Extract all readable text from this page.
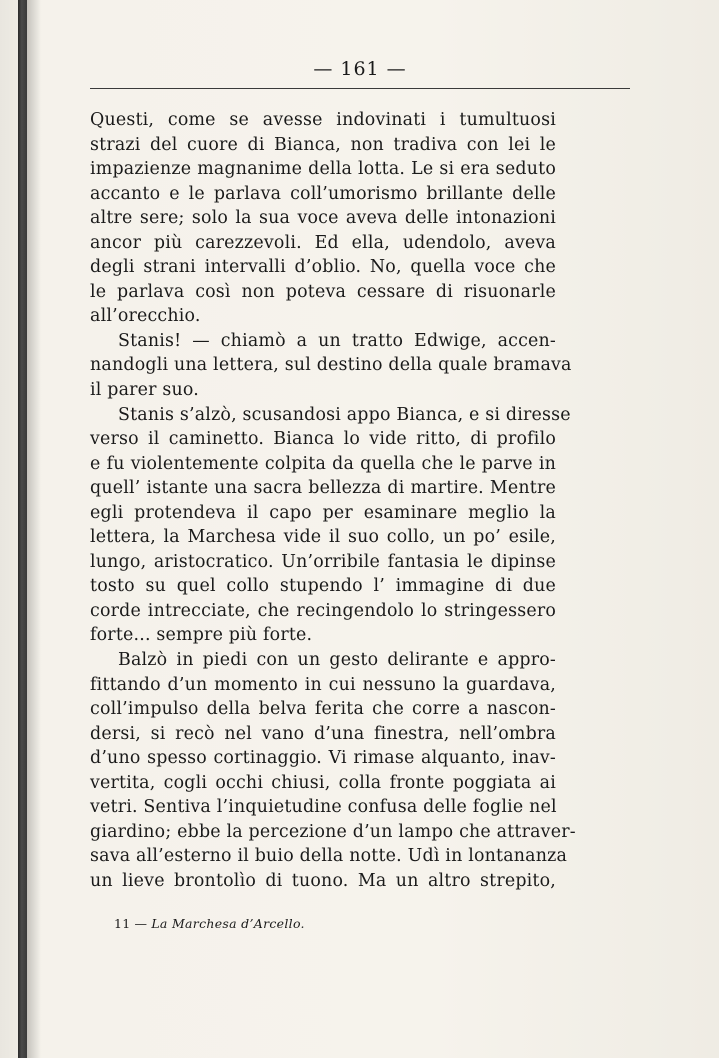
— 161 —
Questi, come se avesse indovinati i tumultuosi
strazi del cuore di Bianca, non tradiva con lei le
impazienze magnanime della lotta. Le si era seduto
accanto e le parlava coll’umorismo brillante delle
altre sere; solo la sua voce aveva delle intonazioni
ancor più carezzevoli. Ed ella, udendolo, aveva
degli strani intervalli d’oblio. No, quella voce che
le parlava così non poteva cessare di risuonarle
all’orecchio.
Stanis! — chiamò a un tratto Edwige, accen-
nandogli una lettera, sul destino della quale bramava
il parer suo.
Stanis s’alzò, scusandosi appo Bianca, e si diresse
verso il caminetto. Bianca lo vide ritto, di profilo
e fu violentemente colpita da quella che le parve in
quell’ istante una sacra bellezza di martire. Mentre
egli protendeva il capo per esaminare meglio la
lettera, la Marchesa vide il suo collo, un po’ esile,
lungo, aristocratico. Un’orribile fantasia le dipinse
tosto su quel collo stupendo l’ immagine di due
corde intrecciate, che recingendolo lo stringessero
forte... sempre più forte.
Balzò in piedi con un gesto delirante e appro-
fittando d’un momento in cui nessuno la guardava,
coll’impulso della belva ferita che corre a nascon-
dersi, si recò nel vano d’una finestra, nell’ombra
d’uno spesso cortinaggio. Vi rimase alquanto, inav-
vertita, cogli occhi chiusi, colla fronte poggiata ai
vetri. Sentiva l’inquietudine confusa delle foglie nel
giardino; ebbe la percezione d’un lampo che attraver-
sava all’esterno il buio della notte. Udì in lontananza
un lieve brontolìo di tuono. Ma un altro strepito,
11 — La Marchesa d’Arcello.
